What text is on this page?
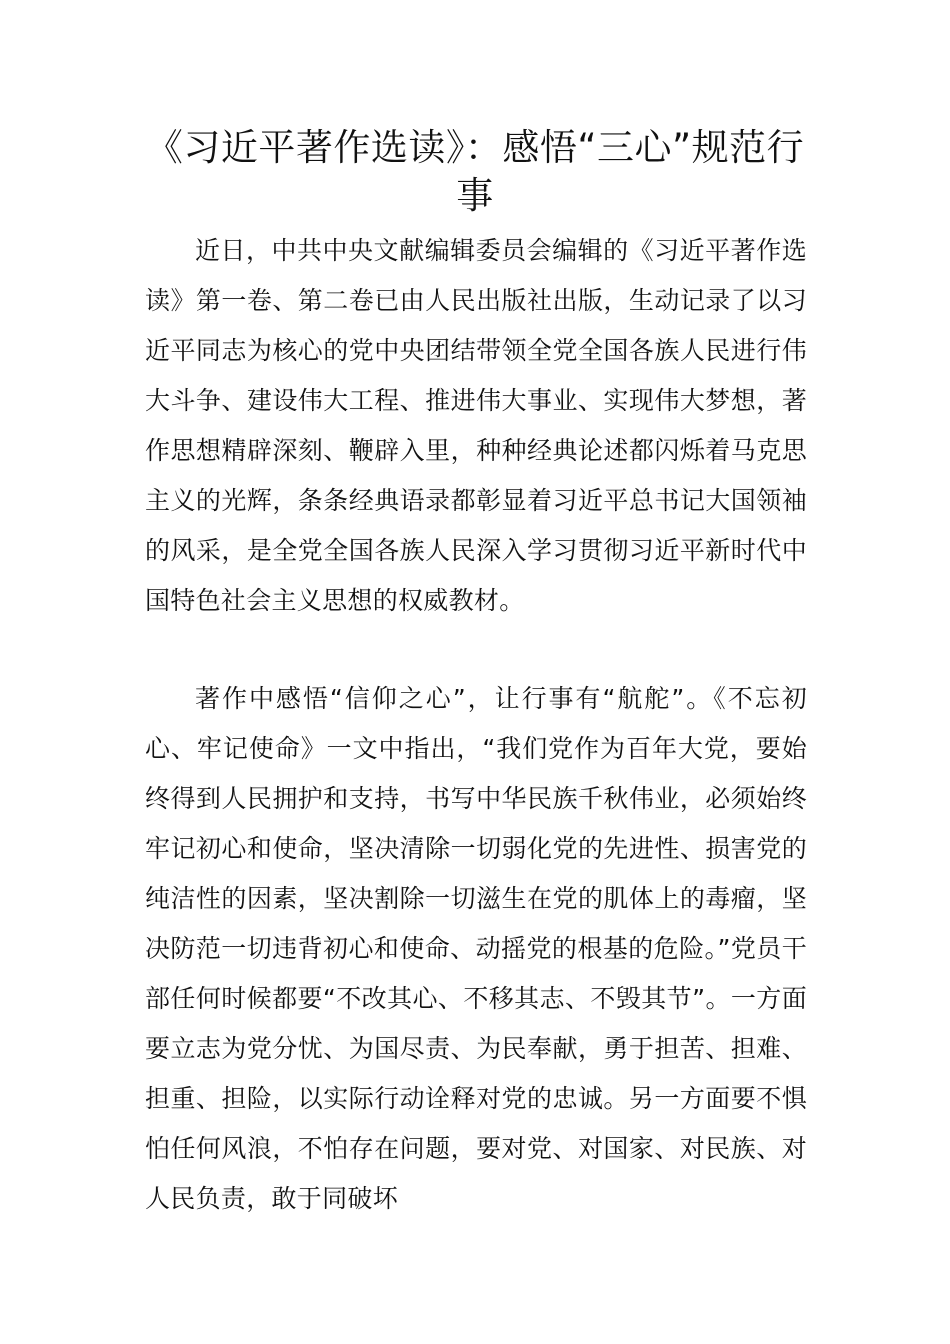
《习近平著作选读》：感悟“三心”规范行事

近日，中共中央文献编辑委员会编辑的《习近平著作选读》第一卷、第二卷已由人民出版社出版，生动记录了以习近平同志为核心的党中央团结带领全党全国各族人民进行伟大斗争、建设伟大工程、推进伟大事业、实现伟大梦想，著作思想精辟深刻、鞭辟入里，种种经典论述都闪烁着马克思主义的光辉，条条经典语录都彰显着习近平总书记大国领袖的风采，是全党全国各族人民深入学习贯彻习近平新时代中国特色社会主义思想的权威教材。

著作中感悟“信仰之心”，让行事有“航舵”。《不忘初心、牢记使命》一文中指出，“我们党作为百年大党，要始终得到人民拥护和支持，书写中华民族千秋伟业，必须始终牢记初心和使命，坚决清除一切弱化党的先进性、损害党的纯洁性的因素，坚决割除一切滋生在党的肌体上的毒瘤，坚决防范一切违背初心和使命、动摇党的根基的危险。”党员干部任何时候都要“不改其心、不移其志、不毁其节”。一方面要立志为党分忧、为国尽责、为民奉献，勇于担苦、担难、担重、担险，以实际行动诠释对党的忠诚。另一方面要不惧怕任何风浪，不怕存在问题，要对党、对国家、对民族、对人民负责，敢于同破坏
